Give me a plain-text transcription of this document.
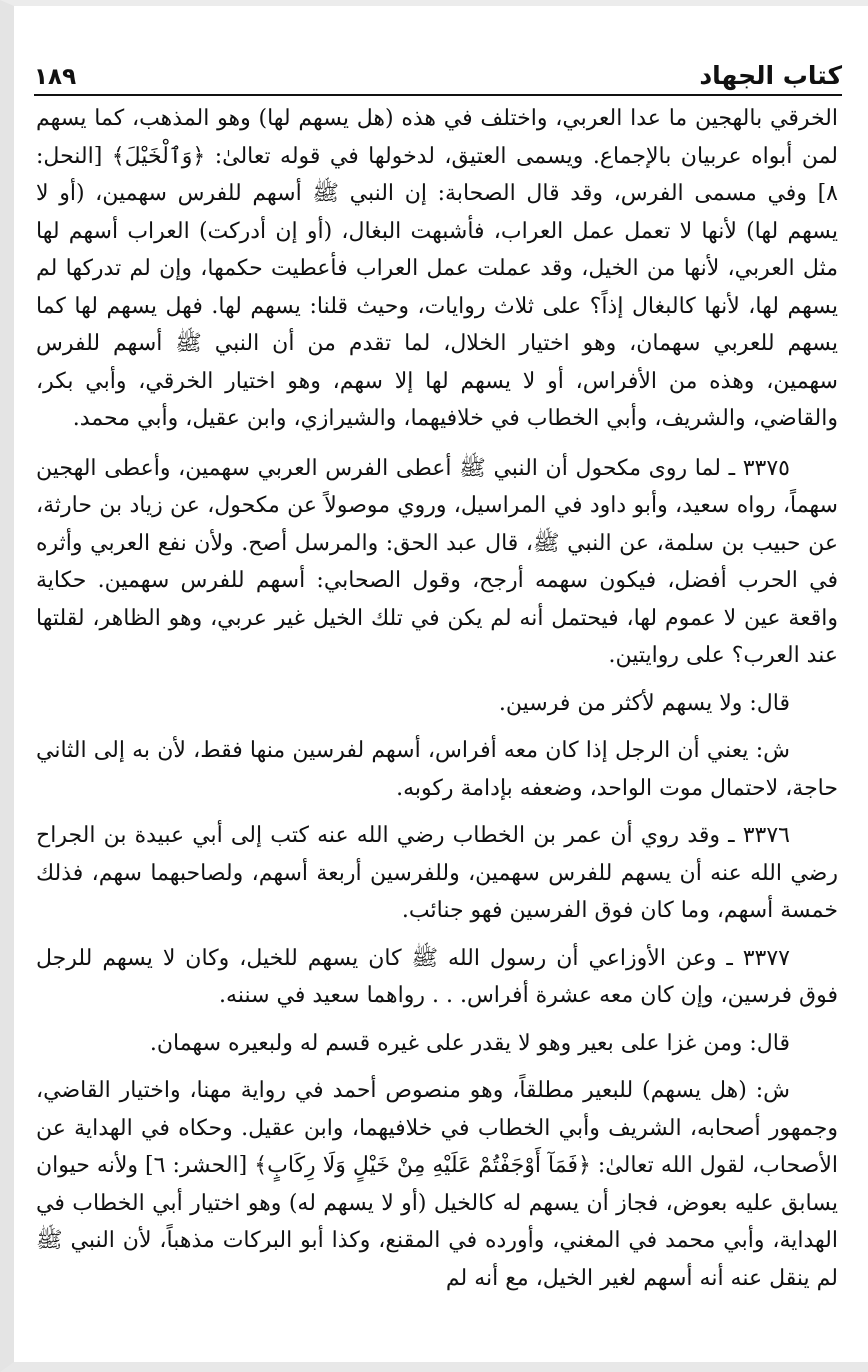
كتاب الجهاد
١٨٩

الخرقي بالهجين ما عدا العربي، واختلف في هذه (هل يسهم لها) وهو المذهب، كما يسهم لمن أبواه عربيان بالإجماع. ويسمى العتيق، لدخولها في قوله تعالىٰ: ﴿وَٱلْخَيْلَ﴾ [النحل: ٨] وفي مسمى الفرس، وقد قال الصحابة: إن النبي ﷺ أسهم للفرس سهمين، (أو لا يسهم لها) لأنها لا تعمل عمل العراب، فأشبهت البغال، (أو إن أدركت) العراب أسهم لها مثل العربي، لأنها من الخيل، وقد عملت عمل العراب فأعطيت حكمها، وإن لم تدركها لم يسهم لها، لأنها كالبغال إذاً؟ على ثلاث روايات، وحيث قلنا: يسهم لها. فهل يسهم لها كما يسهم للعربي سهمان، وهو اختيار الخلال، لما تقدم من أن النبي ﷺ أسهم للفرس سهمين، وهذه من الأفراس، أو لا يسهم لها إلا سهم، وهو اختيار الخرقي، وأبي بكر، والقاضي، والشريف، وأبي الخطاب في خلافيهما، والشيرازي، وابن عقيل، وأبي محمد.

٣٣٧٥ ـ لما روى مكحول أن النبي ﷺ أعطى الفرس العربي سهمين، وأعطى الهجين سهماً، رواه سعيد، وأبو داود في المراسيل، وروي موصولاً عن مكحول، عن زياد بن حارثة، عن حبيب بن سلمة، عن النبي ﷺ، قال عبد الحق: والمرسل أصح. ولأن نفع العربي وأثره في الحرب أفضل، فيكون سهمه أرجح، وقول الصحابي: أسهم للفرس سهمين. حكاية واقعة عين لا عموم لها، فيحتمل أنه لم يكن في تلك الخيل غير عربي، وهو الظاهر، لقلتها عند العرب؟ على روايتين.

قال: ولا يسهم لأكثر من فرسين.

ش: يعني أن الرجل إذا كان معه أفراس، أسهم لفرسين منها فقط، لأن به إلى الثاني حاجة، لاحتمال موت الواحد، وضعفه بإدامة ركوبه.

٣٣٧٦ ـ وقد روي أن عمر بن الخطاب رضي الله عنه كتب إلى أبي عبيدة بن الجراح رضي الله عنه أن يسهم للفرس سهمين، وللفرسين أربعة أسهم، ولصاحبهما سهم، فذلك خمسة أسهم، وما كان فوق الفرسين فهو جنائب.

٣٣٧٧ ـ وعن الأوزاعي أن رسول الله ﷺ كان يسهم للخيل، وكان لا يسهم للرجل فوق فرسين، وإن كان معه عشرة أفراس. . . رواهما سعيد في سننه.

قال: ومن غزا على بعير وهو لا يقدر على غيره قسم له ولبعيره سهمان.

ش: (هل يسهم) للبعير مطلقاً، وهو منصوص أحمد في رواية مهنا، واختيار القاضي، وجمهور أصحابه، الشريف وأبي الخطاب في خلافيهما، وابن عقيل. وحكاه في الهداية عن الأصحاب، لقول الله تعالىٰ: ﴿فَمَآ أَوْجَفْتُمْ عَلَيْهِ مِنْ خَيْلٍ وَلَا رِكَابٍ﴾ [الحشر: ٦] ولأنه حيوان يسابق عليه بعوض، فجاز أن يسهم له كالخيل (أو لا يسهم له) وهو اختيار أبي الخطاب في الهداية، وأبي محمد في المغني، وأورده في المقنع، وكذا أبو البركات مذهباً، لأن النبي ﷺ لم ينقل عنه أنه أسهم لغير الخيل، مع أنه لم
